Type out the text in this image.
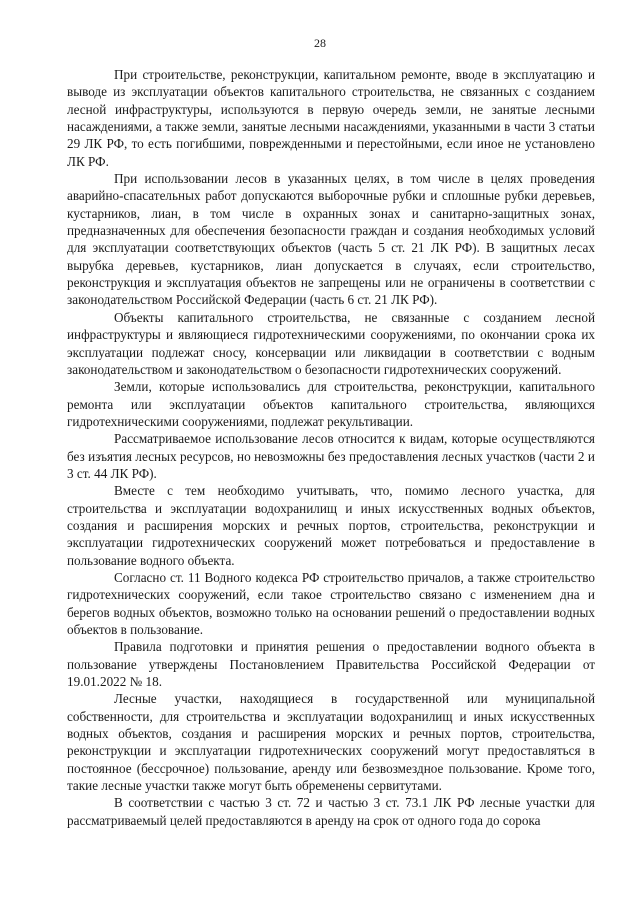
28

При строительстве, реконструкции, капитальном ремонте, вводе в эксплуатацию и выводе из эксплуатации объектов капитального строительства, не связанных с созданием лесной инфраструктуры, используются в первую очередь земли, не занятые лесными насаждениями, а также земли, занятые лесными насаждениями, указанными в части 3 статьи 29 ЛК РФ, то есть погибшими, поврежденными и перестойными, если иное не установлено ЛК РФ.

При использовании лесов в указанных целях, в том числе в целях проведения аварийно-спасательных работ допускаются выборочные рубки и сплошные рубки деревьев, кустарников, лиан, в том числе в охранных зонах и санитарно-защитных зонах, предназначенных для обеспечения безопасности граждан и создания необходимых условий для эксплуатации соответствующих объектов (часть 5 ст. 21 ЛК РФ). В защитных лесах вырубка деревьев, кустарников, лиан допускается в случаях, если строительство, реконструкция и эксплуатация объектов не запрещены или не ограничены в соответствии с законодательством Российской Федерации (часть 6 ст. 21 ЛК РФ).

Объекты капитального строительства, не связанные с созданием лесной инфраструктуры и являющиеся гидротехническими сооружениями, по окончании срока их эксплуатации подлежат сносу, консервации или ликвидации в соответствии с водным законодательством и законодательством о безопасности гидротехнических сооружений.

Земли, которые использовались для строительства, реконструкции, капитального ремонта или эксплуатации объектов капитального строительства, являющихся гидротехническими сооружениями, подлежат рекультивации.

Рассматриваемое использование лесов относится к видам, которые осуществляются без изъятия лесных ресурсов, но невозможны без предоставления лесных участков (части 2 и 3 ст. 44 ЛК РФ).

Вместе с тем необходимо учитывать, что, помимо лесного участка, для строительства и эксплуатации водохранилищ и иных искусственных водных объектов, создания и расширения морских и речных портов, строительства, реконструкции и эксплуатации гидротехнических сооружений может потребоваться и предоставление в пользование водного объекта.

Согласно ст. 11 Водного кодекса РФ строительство причалов, а также строительство гидротехнических сооружений, если такое строительство связано с изменением дна и берегов водных объектов, возможно только на основании решений о предоставлении водных объектов в пользование.

Правила подготовки и принятия решения о предоставлении водного объекта в пользование утверждены Постановлением Правительства Российской Федерации от 19.01.2022 № 18.

Лесные участки, находящиеся в государственной или муниципальной собственности, для строительства и эксплуатации водохранилищ и иных искусственных водных объектов, создания и расширения морских и речных портов, строительства, реконструкции и эксплуатации гидротехнических сооружений могут предоставляться в постоянное (бессрочное) пользование, аренду или безвозмездное пользование. Кроме того, такие лесные участки также могут быть обременены сервитутами.

В соответствии с частью 3 ст. 72 и частью 3 ст. 73.1 ЛК РФ лесные участки для рассматриваемый целей предоставляются в аренду на срок от одного года до сорока
